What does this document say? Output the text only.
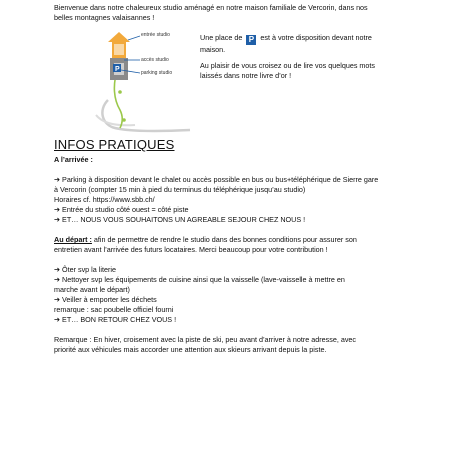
Bienvenue dans notre chaleureux studio aménagé en notre maison familiale de Vercorin, dans nos
belles montagnes valaisannes !
entrée studio
accès studio
parking studio
P

Une place de P est à votre disposition devant notre
maison.

Au plaisir de vous croisez ou de lire vos quelques mots
laissés dans notre livre d’or !

INFOS PRATIQUES
A l’arrivée :
➔ Parking à disposition devant le chalet ou accès possible en bus ou bus+téléphérique de Sierre gare
à Vercorin (compter 15 min à pied du terminus du téléphérique jusqu’au studio)
Horaires cf. https://www.sbb.ch/
➔ Entrée du studio côté ouest = côté piste
➔ ET… NOUS VOUS SOUHAITONS UN AGREABLE SEJOUR CHEZ NOUS !
Au départ : afin de permettre de rendre le studio dans des bonnes conditions pour assurer son
entretien avant l’arrivée des futurs locataires. Merci beaucoup pour votre contribution !
➔ Ôter svp la literie
➔ Nettoyer svp les équipements de cuisine ainsi que la vaisselle (lave-vaisselle à mettre en
marche avant le départ)
➔ Veiller à emporter les déchets
remarque : sac poubelle officiel fourni
➔ ET… BON RETOUR CHEZ VOUS !
Remarque : En hiver, croisement avec la piste de ski, peu avant d’arriver à notre adresse, avec
priorité aux véhicules mais accorder une attention aux skieurs arrivant depuis la piste.
